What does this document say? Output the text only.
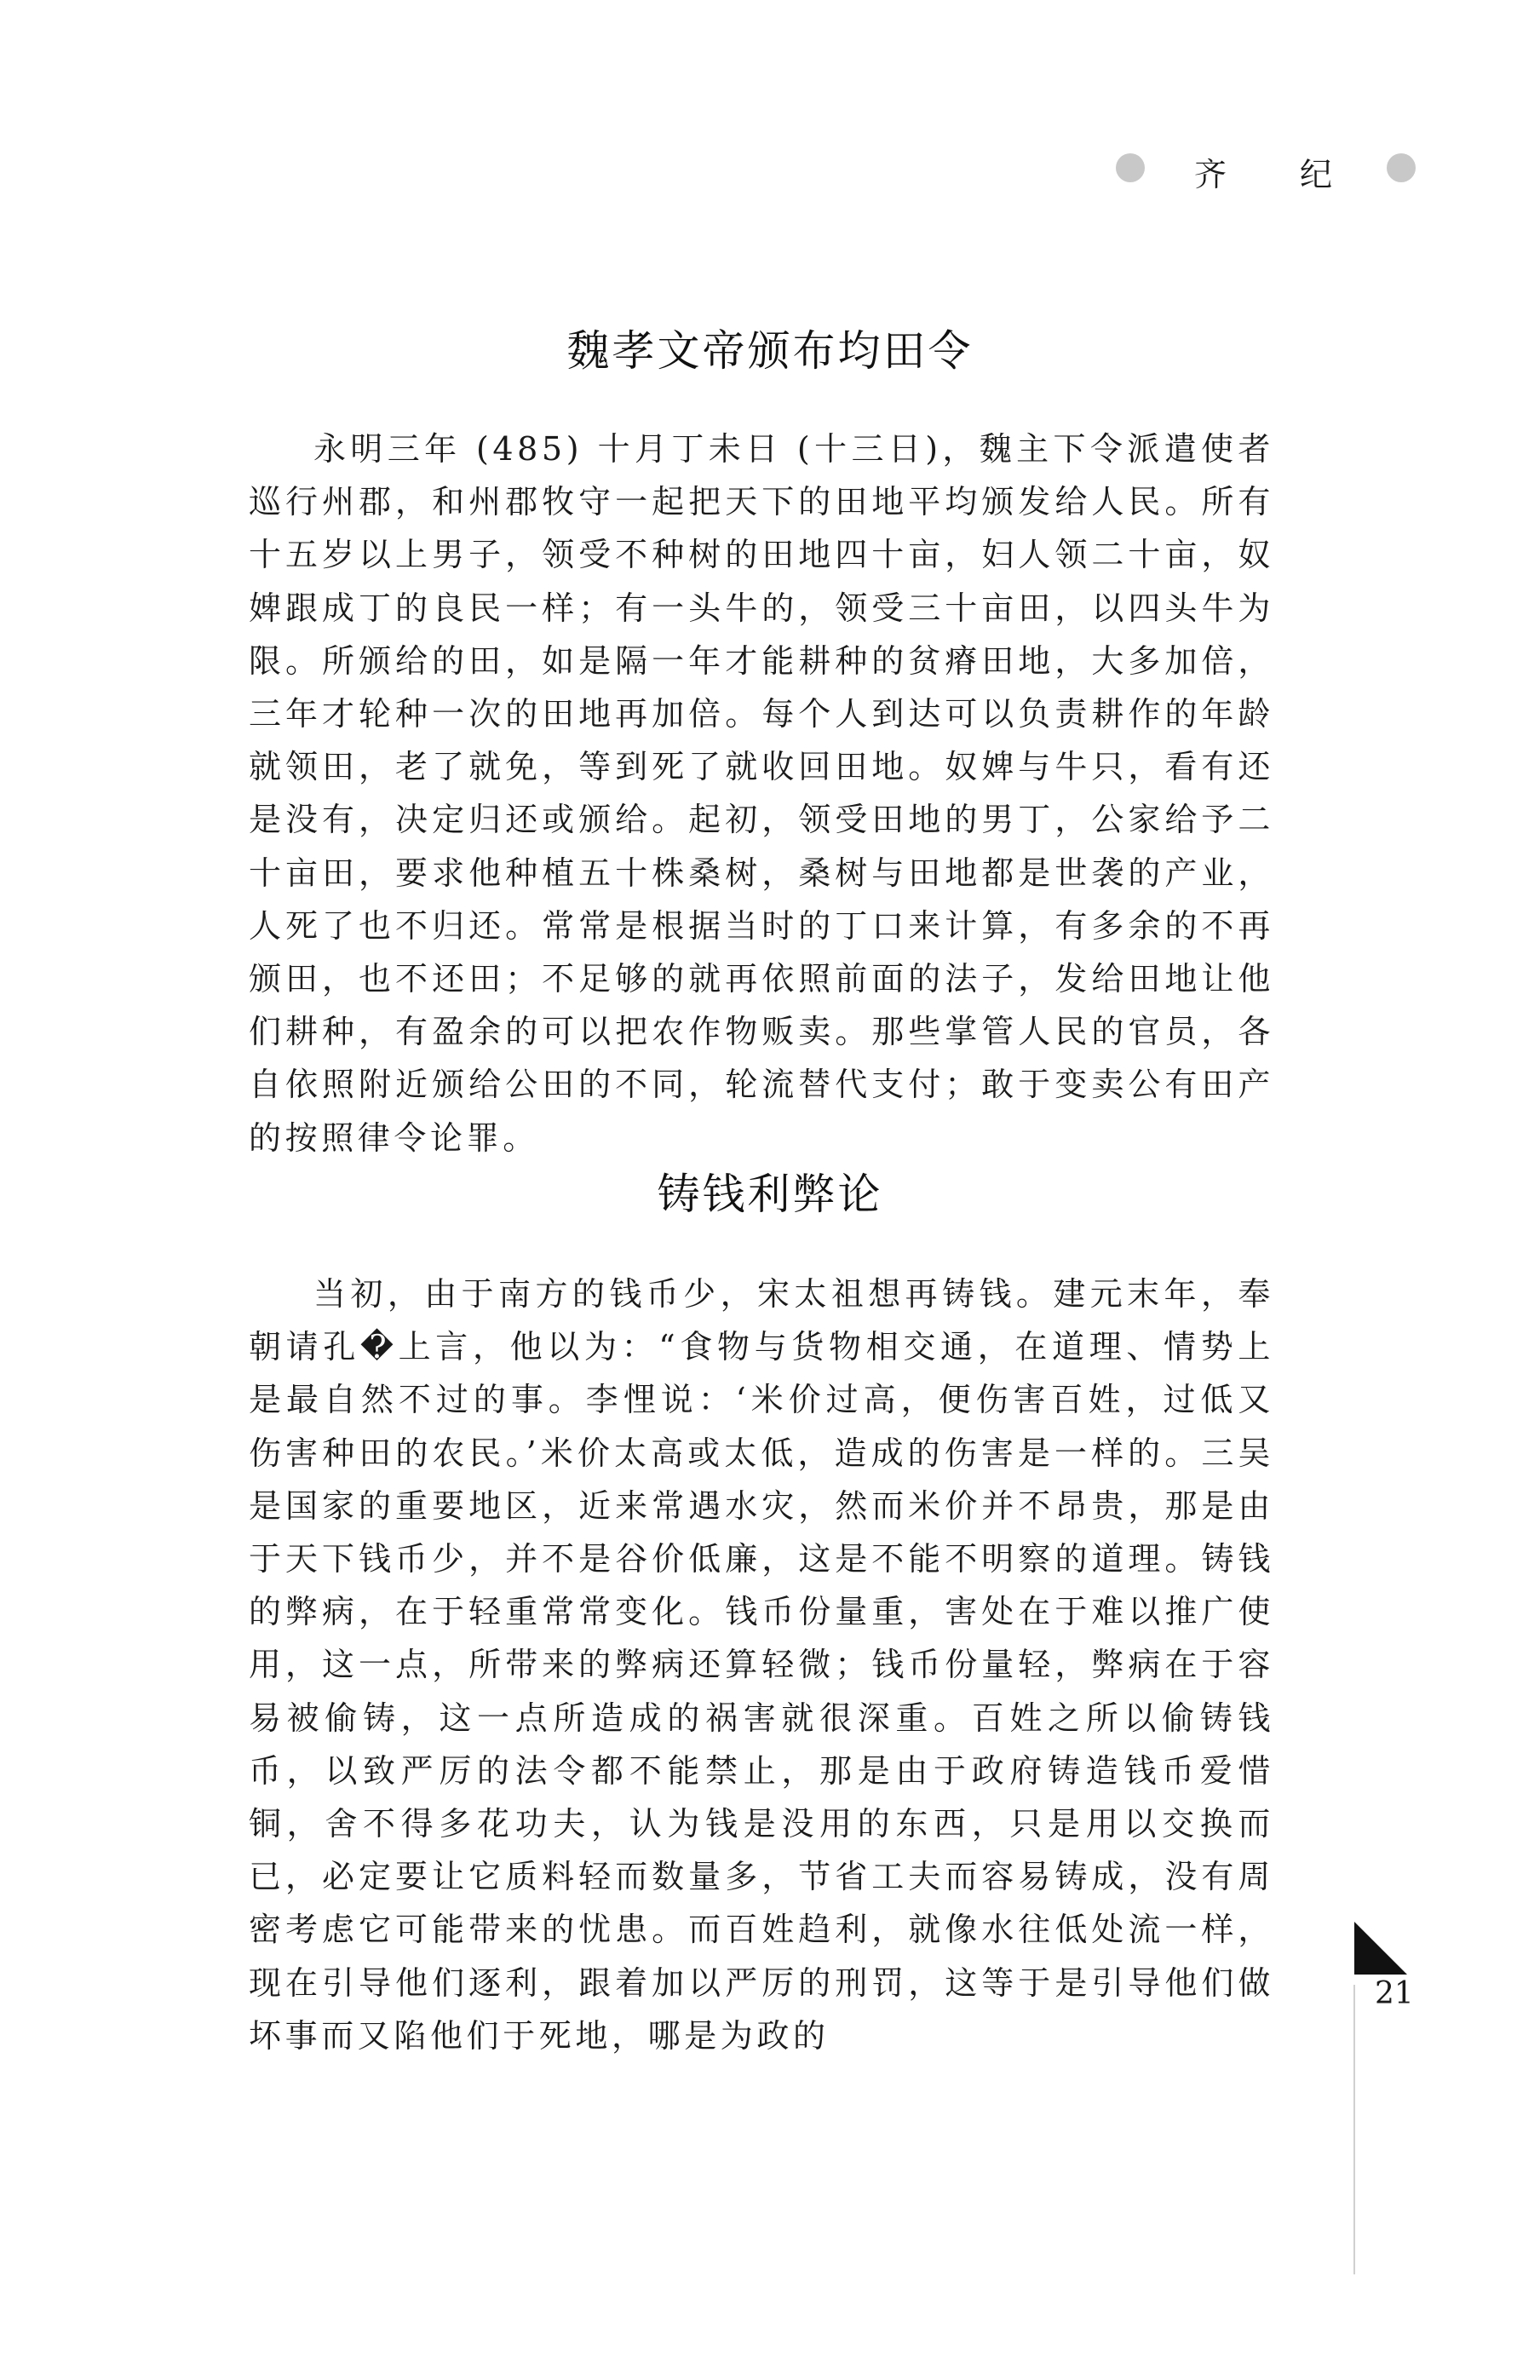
齐 纪
魏孝文帝颁布均田令

永明三年 (485) 十月丁未日 (十三日)，魏主下令派遣使者巡行州郡，和州郡牧守一起把天下的田地平均颁发给人民。所有十五岁以上男子，领受不种树的田地四十亩，妇人领二十亩，奴婢跟成丁的良民一样；有一头牛的，领受三十亩田，以四头牛为限。所颁给的田，如是隔一年才能耕种的贫瘠田地，大多加倍，三年才轮种一次的田地再加倍。每个人到达可以负责耕作的年龄就领田，老了就免，等到死了就收回田地。奴婢与牛只，看有还是没有，决定归还或颁给。起初，领受田地的男丁，公家给予二十亩田，要求他种植五十株桑树，桑树与田地都是世袭的产业，人死了也不归还。常常是根据当时的丁口来计算，有多余的不再颁田，也不还田；不足够的就再依照前面的法子，发给田地让他们耕种，有盈余的可以把农作物贩卖。那些掌管人民的官员，各自依照附近颁给公田的不同，轮流替代支付；敢于变卖公有田产的按照律令论罪。

铸钱利弊论

当初，由于南方的钱币少，宋太祖想再铸钱。建元末年，奉朝请孔�上言，他以为：“食物与货物相交通，在道理、情势上是最自然不过的事。李悝说：‘米价过高，便伤害百姓，过低又伤害种田的农民。’米价太高或太低，造成的伤害是一样的。三吴是国家的重要地区，近来常遇水灾，然而米价并不昂贵，那是由于天下钱币少，并不是谷价低廉，这是不能不明察的道理。铸钱的弊病，在于轻重常常变化。钱币份量重，害处在于难以推广使用，这一点，所带来的弊病还算轻微；钱币份量轻，弊病在于容易被偷铸，这一点所造成的祸害就很深重。百姓之所以偷铸钱币，以致严厉的法令都不能禁止，那是由于政府铸造钱币爱惜铜，舍不得多花功夫，认为钱是没用的东西，只是用以交换而已，必定要让它质料轻而数量多，节省工夫而容易铸成，没有周密考虑它可能带来的忧患。而百姓趋利，就像水往低处流一样，现在引导他们逐利，跟着加以严厉的刑罚，这等于是引导他们做坏事而又陷他们于死地，哪是为政的

21
